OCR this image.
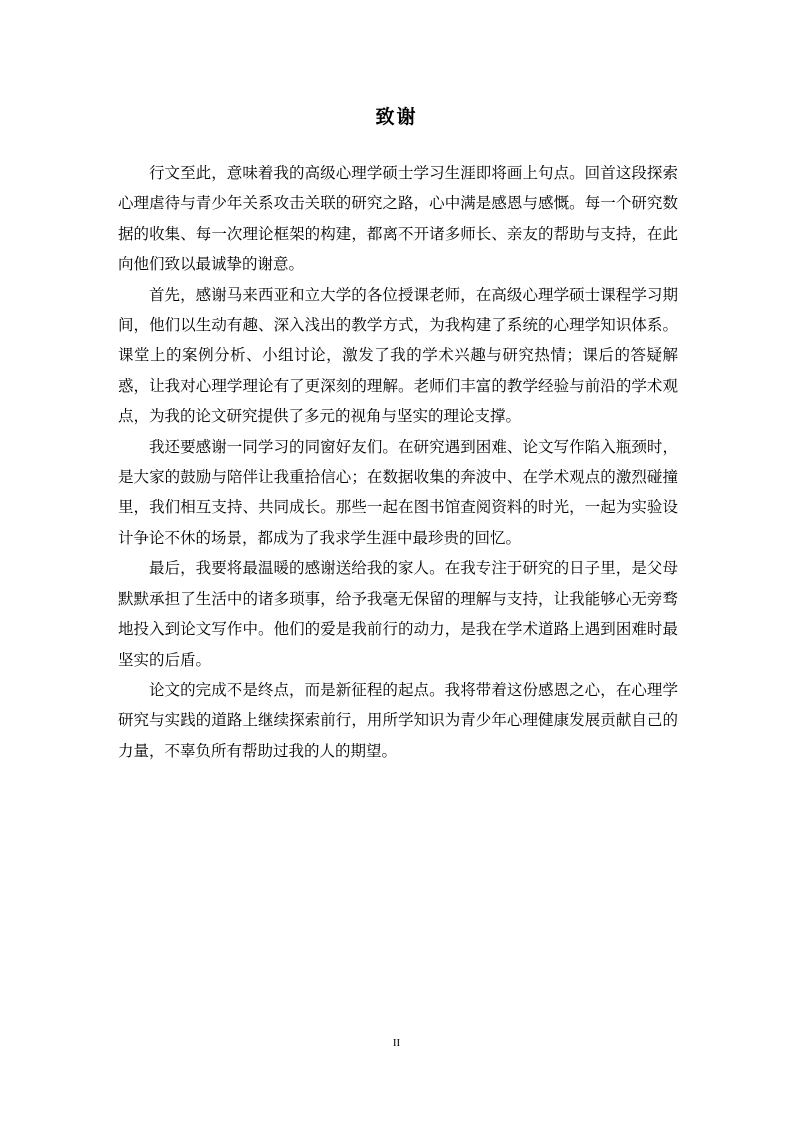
致谢

行文至此，意味着我的高级心理学硕士学习生涯即将画上句点。回首这段探索心理虐待与青少年关系攻击关联的研究之路，心中满是感恩与感慨。每一个研究数据的收集、每一次理论框架的构建，都离不开诸多师长、亲友的帮助与支持，在此向他们致以最诚挚的谢意。

首先，感谢马来西亚和立大学的各位授课老师，在高级心理学硕士课程学习期间，他们以生动有趣、深入浅出的教学方式，为我构建了系统的心理学知识体系。课堂上的案例分析、小组讨论，激发了我的学术兴趣与研究热情；课后的答疑解惑，让我对心理学理论有了更深刻的理解。老师们丰富的教学经验与前沿的学术观点，为我的论文研究提供了多元的视角与坚实的理论支撑。

我还要感谢一同学习的同窗好友们。在研究遇到困难、论文写作陷入瓶颈时，是大家的鼓励与陪伴让我重拾信心；在数据收集的奔波中、在学术观点的激烈碰撞里，我们相互支持、共同成长。那些一起在图书馆查阅资料的时光，一起为实验设计争论不休的场景，都成为了我求学生涯中最珍贵的回忆。

最后，我要将最温暖的感谢送给我的家人。在我专注于研究的日子里，是父母默默承担了生活中的诸多琐事，给予我毫无保留的理解与支持，让我能够心无旁骛地投入到论文写作中。他们的爱是我前行的动力，是我在学术道路上遇到困难时最坚实的后盾。

论文的完成不是终点，而是新征程的起点。我将带着这份感恩之心，在心理学研究与实践的道路上继续探索前行，用所学知识为青少年心理健康发展贡献自己的力量，不辜负所有帮助过我的人的期望。

II
